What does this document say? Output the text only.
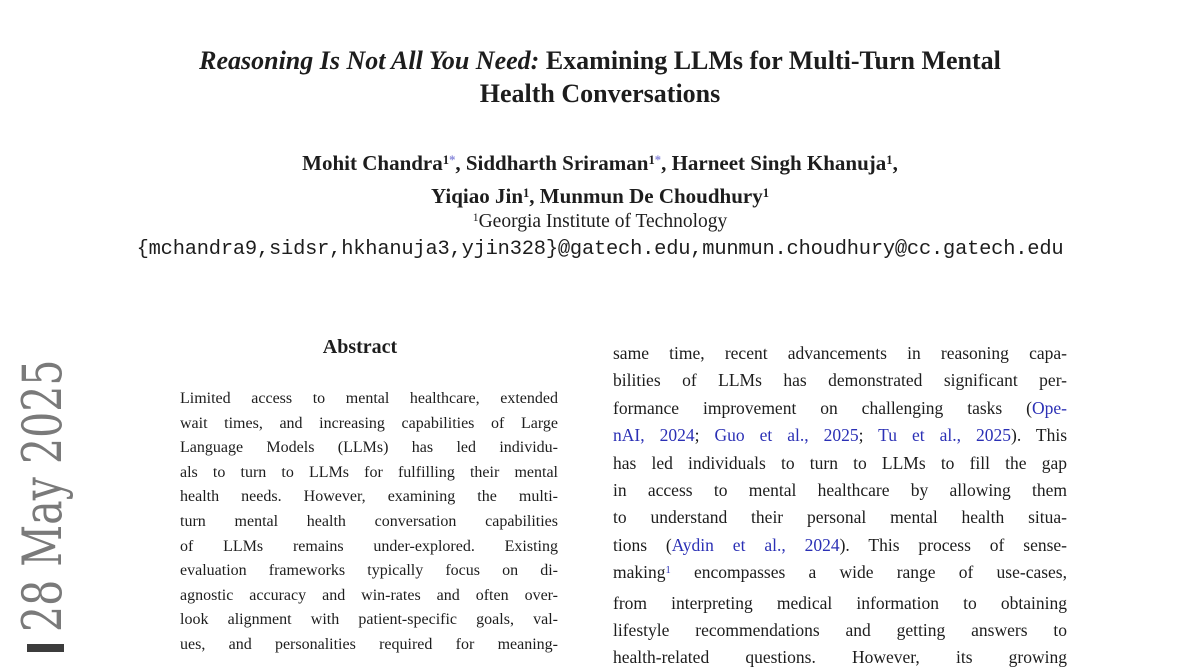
28 May 2025
Reasoning Is Not All You Need: Examining LLMs for Multi-Turn Mental
Health Conversations
Mohit Chandra$^{1*}$, Siddharth Sriraman$^{1*}$, Harneet Singh Khanuja$^1$,
Yiqiao Jin$^1$, Munmun De Choudhury$^1$
$^1$Georgia Institute of Technology
{mchandra9,sidsr,hkhanuja3,yjin328}@gatech.edu,munmun.choudhury@cc.gatech.edu
Abstract
Limited access to mental healthcare, extended
wait times, and increasing capabilities of Large
Language Models (LLMs) has led individu-
als to turn to LLMs for fulfilling their mental
health needs. However, examining the multi-
turn mental health conversation capabilities
of LLMs remains under-explored. Existing
evaluation frameworks typically focus on di-
agnostic accuracy and win-rates and often over-
look alignment with patient-specific goals, val-
ues, and personalities required for meaning-
same time, recent advancements in reasoning capa-
bilities of LLMs has demonstrated significant per-
formance improvement on challenging tasks (Ope-
nAI, 2024; Guo et al., 2025; Tu et al., 2025). This
has led individuals to turn to LLMs to fill the gap
in access to mental healthcare by allowing them
to understand their personal mental health situa-
tions (Aydin et al., 2024). This process of sense-
making$^1$ encompasses a wide range of use-cases,
from interpreting medical information to obtaining
lifestyle recommendations and getting answers to
health-related questions. However, its growing
